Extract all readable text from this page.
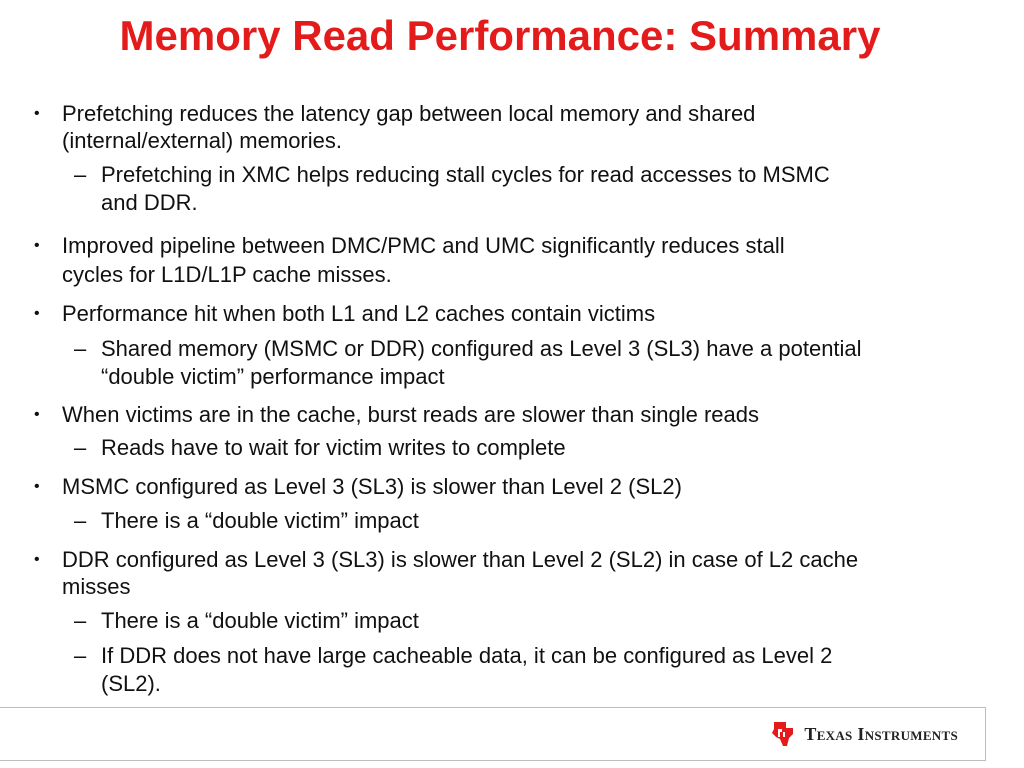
Memory Read Performance: Summary
• Prefetching reduces the latency gap between local memory and shared
(internal/external) memories.
– Prefetching in XMC helps reducing stall cycles for read accesses to MSMC
and DDR.
• Improved pipeline between DMC/PMC and UMC significantly reduces stall
cycles for L1D/L1P cache misses.
• Performance hit when both L1 and L2 caches contain victims
– Shared memory (MSMC or DDR) configured as Level 3 (SL3) have a potential
“double victim” performance impact
• When victims are in the cache, burst reads are slower than single reads
– Reads have to wait for victim writes to complete
• MSMC configured as Level 3 (SL3) is slower than Level 2 (SL2)
– There is a “double victim” impact
• DDR configured as Level 3 (SL3) is slower than Level 2 (SL2) in case of L2 cache
misses
– There is a “double victim” impact
– If DDR does not have large cacheable data, it can be configured as Level 2
(SL2).
Texas Instruments
